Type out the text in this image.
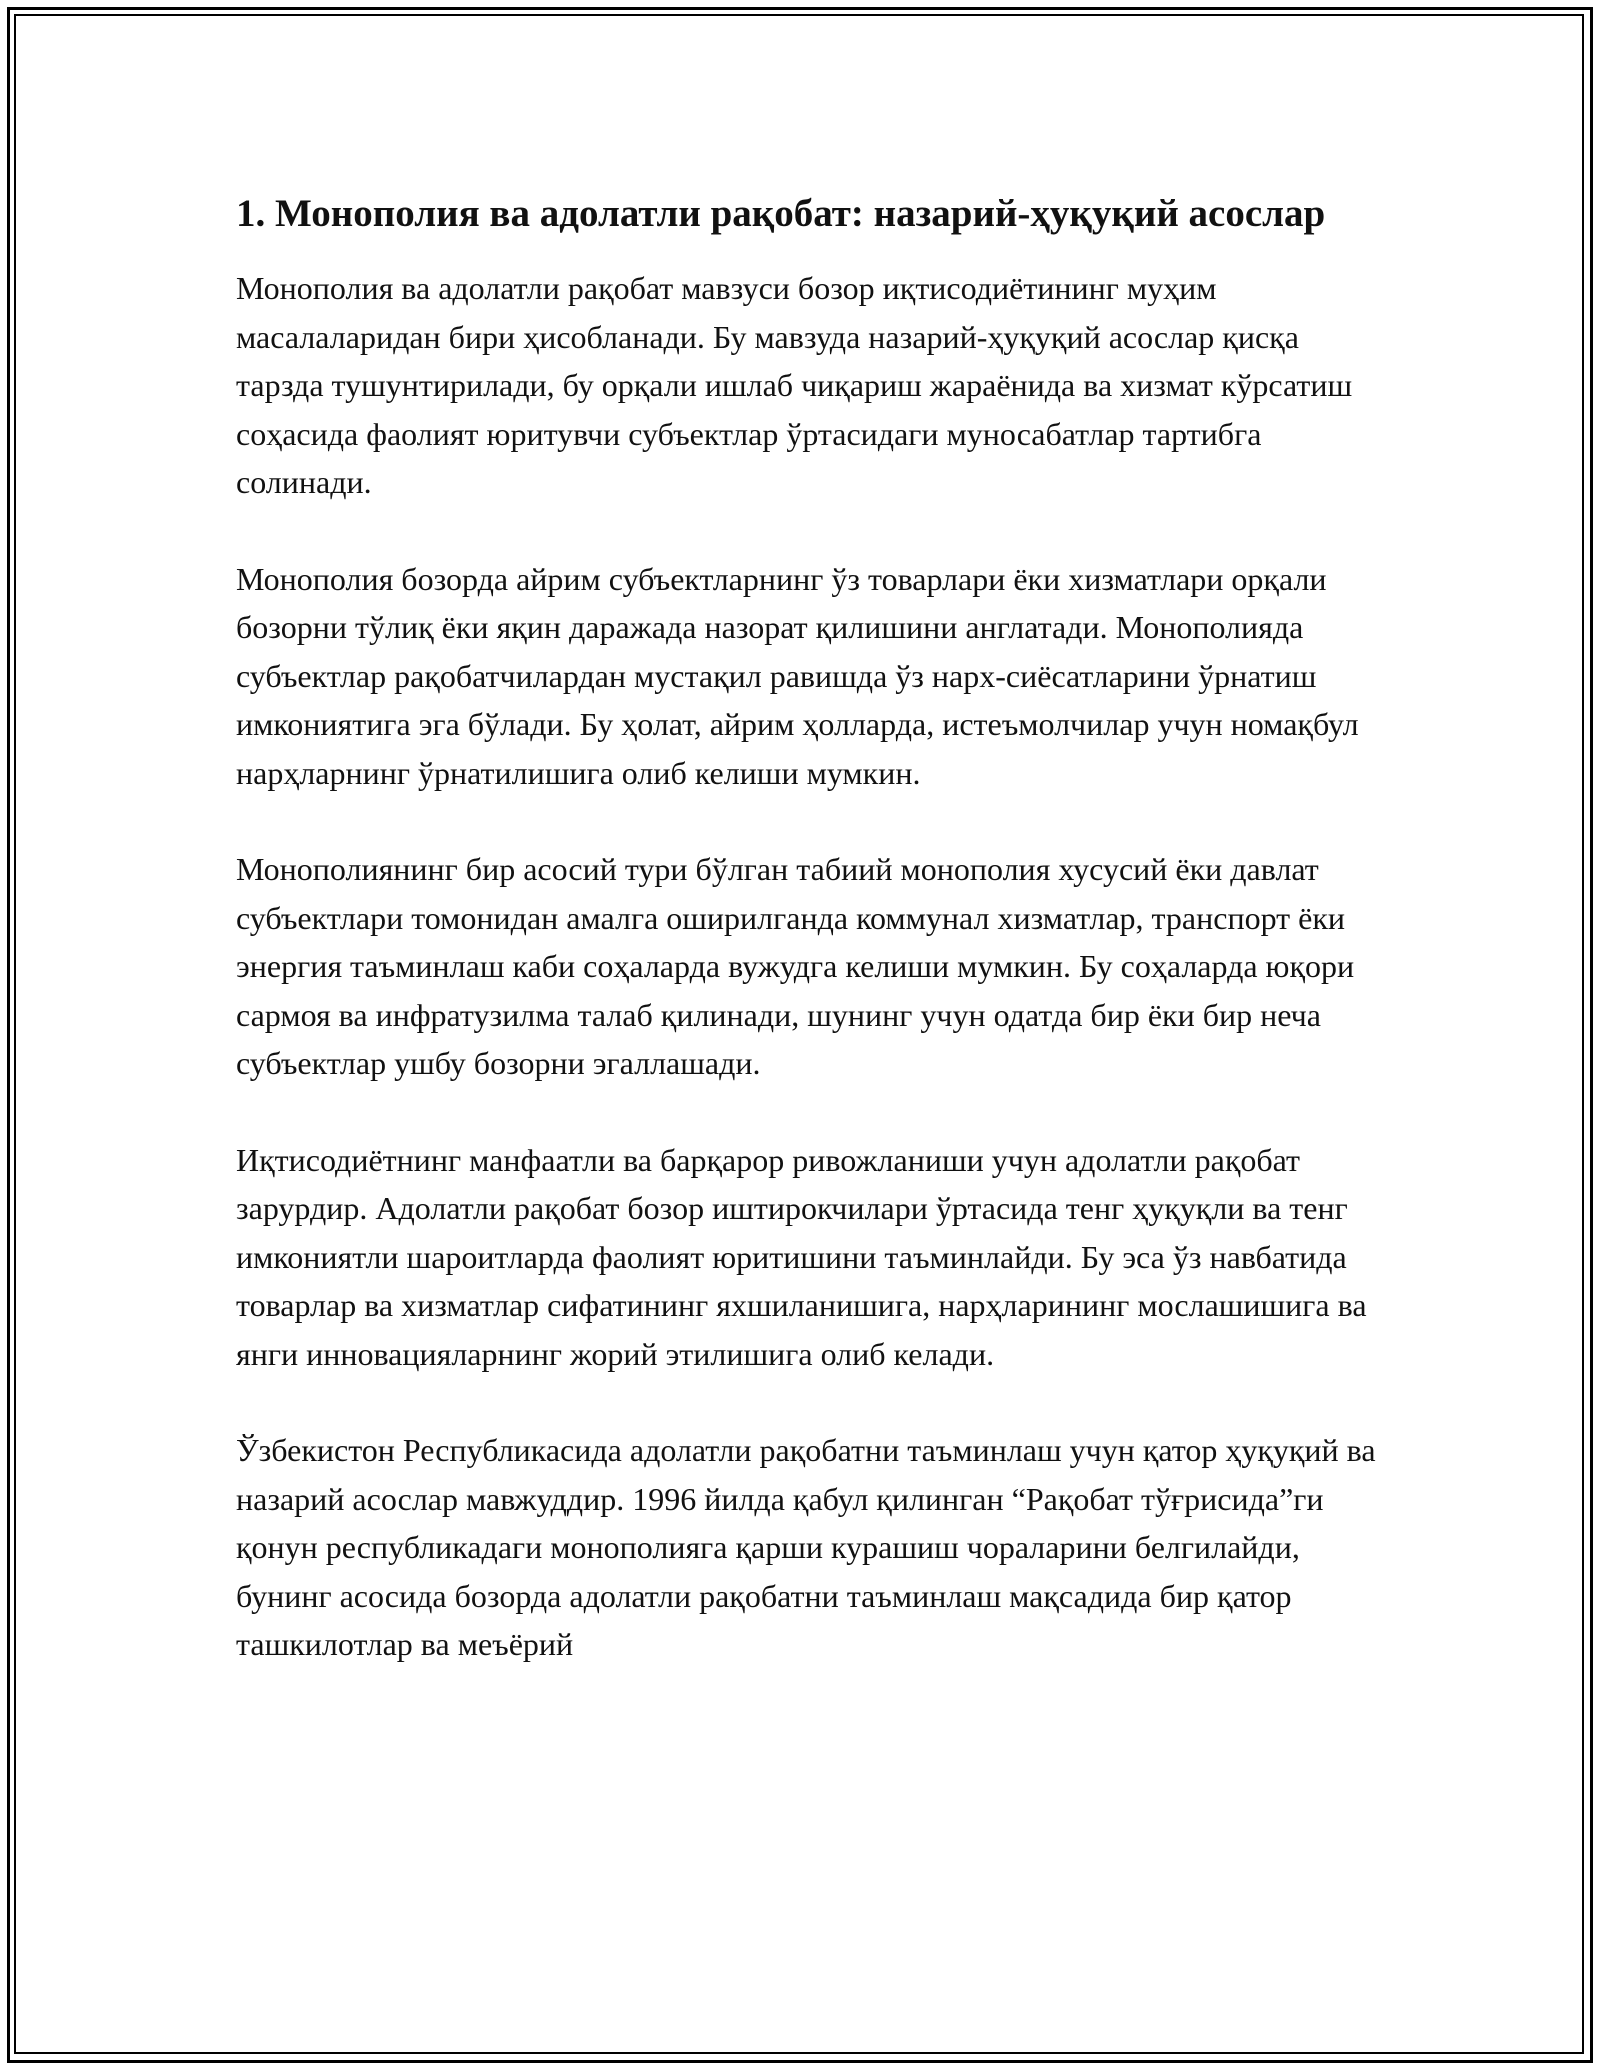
1. Монополия ва адолатли рақобат: назарий-ҳуқуқий асослар

Монополия ва адолатли рақобат мавзуси бозор иқтисодиётининг муҳим масалаларидан бири ҳисобланади. Бу мавзуда назарий-ҳуқуқий асослар қисқа тарзда тушунтирилади, бу орқали ишлаб чиқариш жараёнида ва хизмат кўрсатиш соҳасида фаолият юритувчи субъектлар ўртасидаги муносабатлар тартибга солинади.

Монополия бозорда айрим субъектларнинг ўз товарлари ёки хизматлари орқали бозорни тўлиқ ёки яқин даражада назорат қилишини англатади. Монополияда субъектлар рақобатчилардан мустақил равишда ўз нарх-сиёсатларини ўрнатиш имкониятига эга бўлади. Бу ҳолат, айрим ҳолларда, истеъмолчилар учун номақбул нарҳларнинг ўрнатилишига олиб келиши мумкин.

Монополиянинг бир асосий тури бўлган табиий монополия хусусий ёки давлат субъектлари томонидан амалга оширилганда коммунал хизматлар, транспорт ёки энергия таъминлаш каби соҳаларда вужудга келиши мумкин. Бу соҳаларда юқори сармоя ва инфратузилма талаб қилинади, шунинг учун одатда бир ёки бир неча субъектлар ушбу бозорни эгаллашади.

Иқтисодиётнинг манфаатли ва барқарор ривожланиши учун адолатли рақобат зарурдир. Адолатли рақобат бозор иштирокчилари ўртасида тенг ҳуқуқли ва тенг имкониятли шароитларда фаолият юритишини таъминлайди. Бу эса ўз навбатида товарлар ва хизматлар сифатининг яхшиланишига, нарҳларининг мослашишига ва янги инновацияларнинг жорий этилишига олиб келади.

Ўзбекистон Республикасида адолатли рақобатни таъминлаш учун қатор ҳуқуқий ва назарий асослар мавжуддир. 1996 йилда қабул қилинган “Рақобат тўғрисида”ги қонун республикадаги монополияга қарши курашиш чораларини белгилайди, бунинг асосида бозорда адолатли рақобатни таъминлаш мақсадида бир қатор ташкилотлар ва меъёрий
